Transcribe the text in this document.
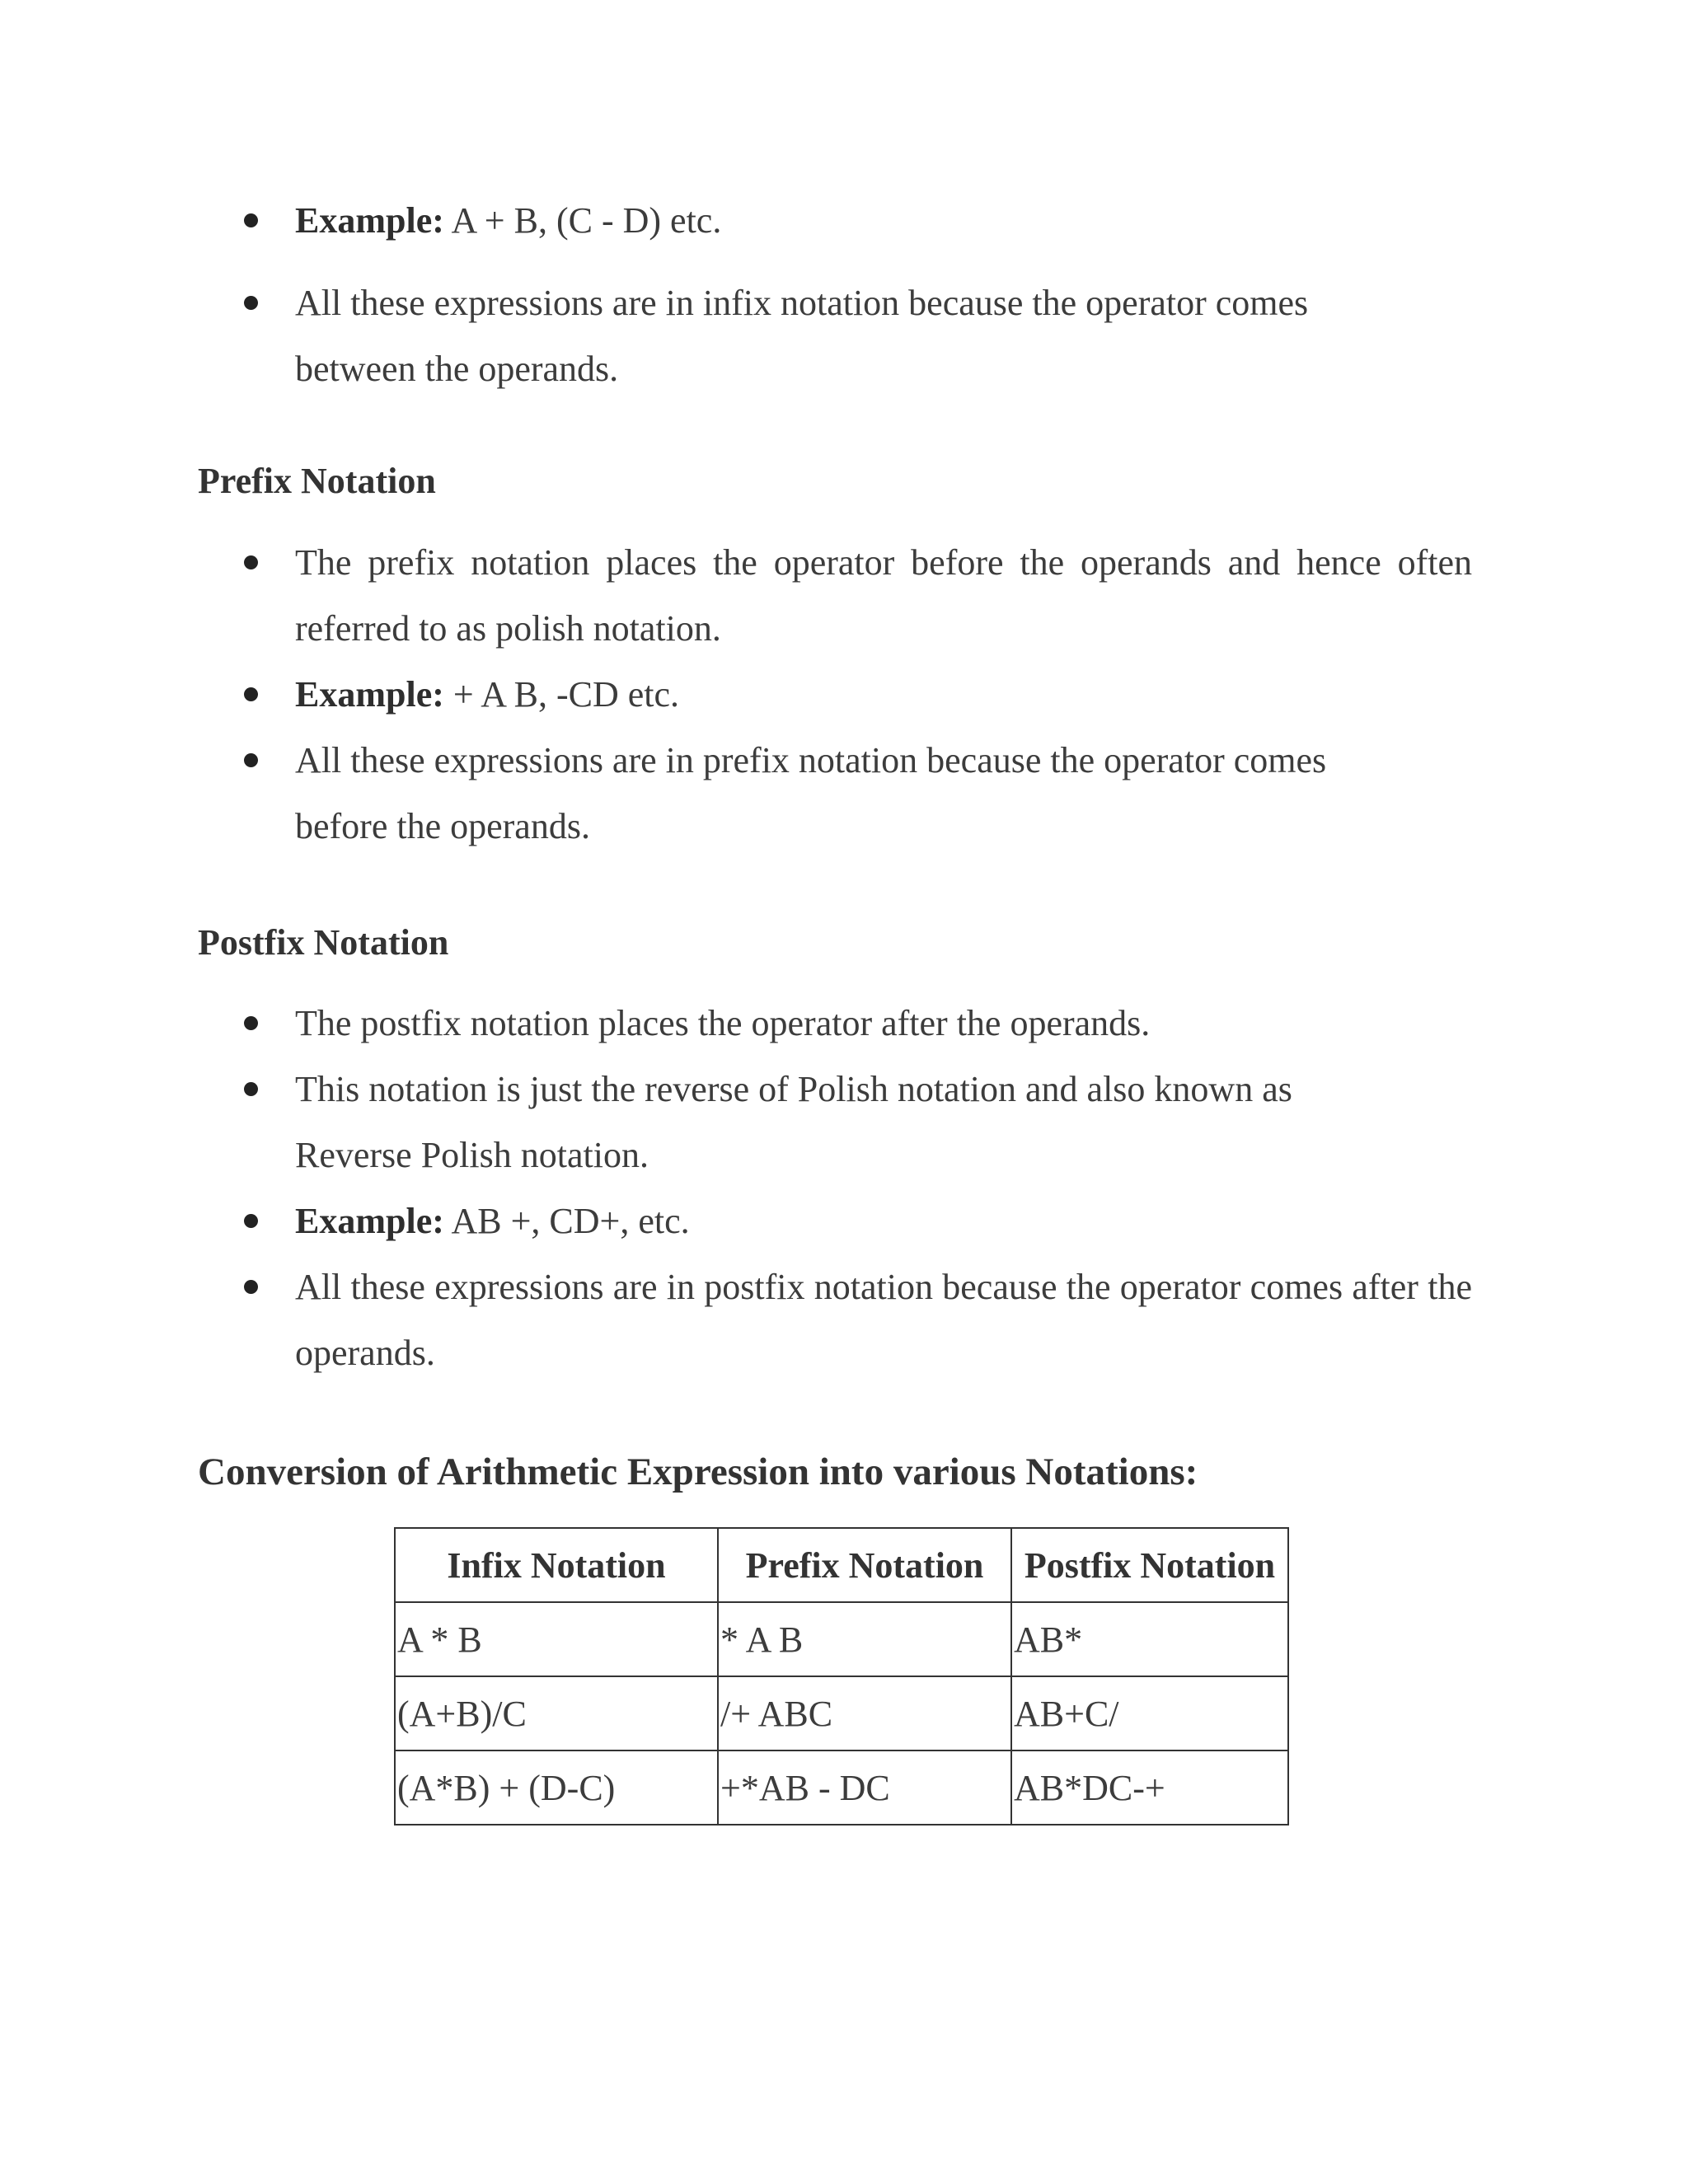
Example: A + B, (C - D) etc.
All these expressions are in infix notation because the operator comes between the operands.
Prefix Notation
The prefix notation places the operator before the operands and hence often referred to as polish notation.
Example: + A B, -CD etc.
All these expressions are in prefix notation because the operator comes before the operands.
Postfix Notation
The postfix notation places the operator after the operands.
This notation is just the reverse of Polish notation and also known as Reverse Polish notation.
Example: AB +, CD+, etc.
All these expressions are in postfix notation because the operator comes after the operands.
Conversion of Arithmetic Expression into various Notations:
Infix Notation	Prefix Notation	Postfix Notation
A * B	* A B	AB*
(A+B)/C	/+ ABC	AB+C/
(A*B) + (D-C)	+*AB - DC	AB*DC-+
